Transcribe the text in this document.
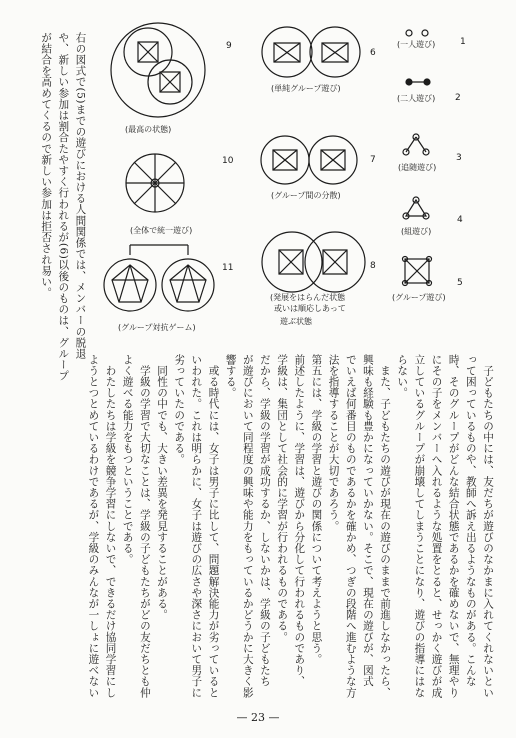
1
(一人遊び)
2
(二人遊び)
3
(追随遊び)
4
(組遊び)
5
(グループ遊び)
6
(単純グループ遊び)
7
(グループ間の分散)
8
(発展をはらんだ状態
或いは順応しあって
遊ぶ状態
9
(最高の状態)
10
(全体で統一遊び)
11
(グループ対抗ゲーム)
右の図式で(5)までの遊びにおける人間関係では、メンバーの脱退
や、新しい参加は割合たやすく行われるが(6)以後のものは、グループ
が結合を高めてくるので新しい参加は拒否され易い。
　子どもたちの中には、友だちが遊びのなかまに入れてくれないとい
って困っているものや、教師へ訴え出るようなものがある。こんな
時、そのグループがどんな結合状態であるかを確めないで、無理やり
にその子をメンバーへ入れるような処置をとると、せっかく遊びが成
立しているグループが崩壊してしまうことになり、遊びの指導にはな
らない。
　また、子どもたちの遊びが現在の遊びのままで前進しなかったら、
興味も経験も豊かになっていかない。そこで、現在の遊びが、図式
でいえば何番目のものであるかを確かめ、つぎの段階へ進むような方
法を指導することが大切であろう。
第五には、学級の学習と遊びの関係について考えようと思う。
前述したように、学習は、遊びから分化して行われるものであり、
学級は、集団として社会的に学習が行われるものである。
だから、学級の学習が成功するか、しないかは、学級の子どもたち
が遊びにおいて同程度の興味や能力をもっているかどうかに大きく影
響する。
　或る時代には、女子は男子に比して、問題解決能力が劣っていると
いわれた。これは明らかに、女子は遊びの広さや深さにおいて男子に
劣っていたのである。
　同性の中でも、大きい差異を発見することがある。
　学級の学習で大切なことは、学級の子どもたちがどの友だちとも仲
よく遊べる能力をもつということである。
　わたしたちは学級を競争学習にしないで、できるだけ協同学習にし
ようとつとめているわけであるが、学級のみんなが一しょに遊べない
— 23 —
